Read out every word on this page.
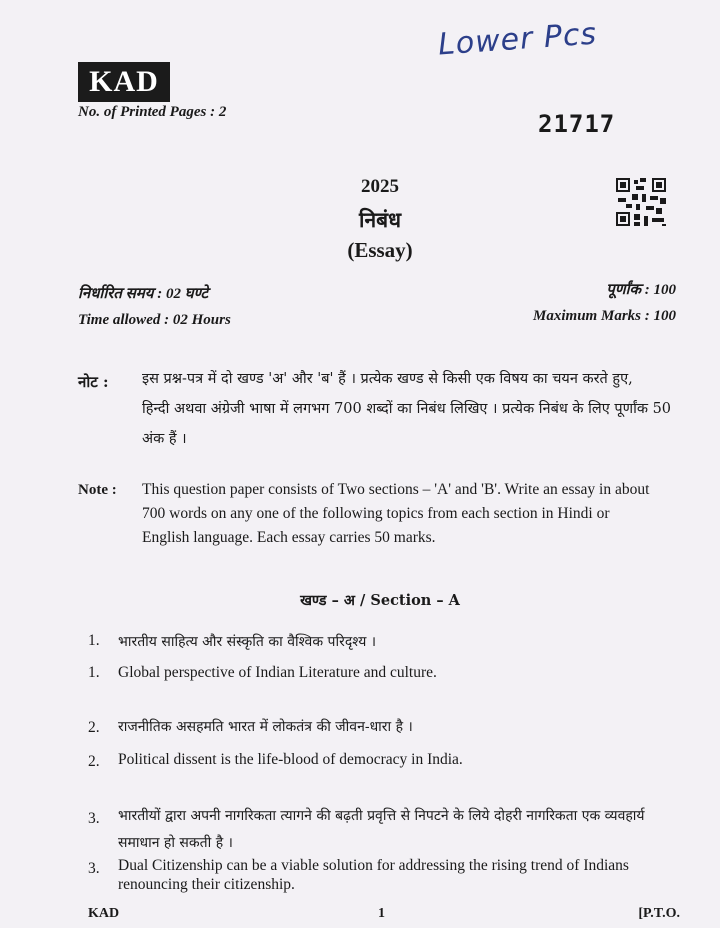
KAD
No. of Printed Pages : 2
Lower Pcs
21717
2025
निबंध
(Essay)
निर्धारित समय : 02 घण्टे
Time allowed : 02 Hours
पूर्णांक : 100
Maximum Marks : 100
नोट : इस प्रश्न-पत्र में दो खण्ड 'अ' और 'ब' हैं । प्रत्येक खण्ड से किसी एक विषय का चयन करते हुए,
हिन्दी अथवा अंग्रेजी भाषा में लगभग 700 शब्दों का निबंध लिखिए । प्रत्येक निबंध के लिए पूर्णांक 50
अंक हैं ।
Note : This question paper consists of Two sections – 'A' and 'B'. Write an essay in about
700 words on any one of the following topics from each section in Hindi or
English language. Each essay carries 50 marks.
खण्ड – अ / Section – A
1. भारतीय साहित्य और संस्कृति का वैश्विक परिदृश्य ।
1. Global perspective of Indian Literature and culture.
2. राजनीतिक असहमति भारत में लोकतंत्र की जीवन-धारा है ।
2. Political dissent is the life-blood of democracy in India.
3. भारतीयों द्वारा अपनी नागरिकता त्यागने की बढ़ती प्रवृत्ति से निपटने के लिये दोहरी नागरिकता एक व्यवहार्य
समाधान हो सकती है ।
3. Dual Citizenship can be a viable solution for addressing the rising trend of Indians
renouncing their citizenship.
KAD	1	[P.T.O.
